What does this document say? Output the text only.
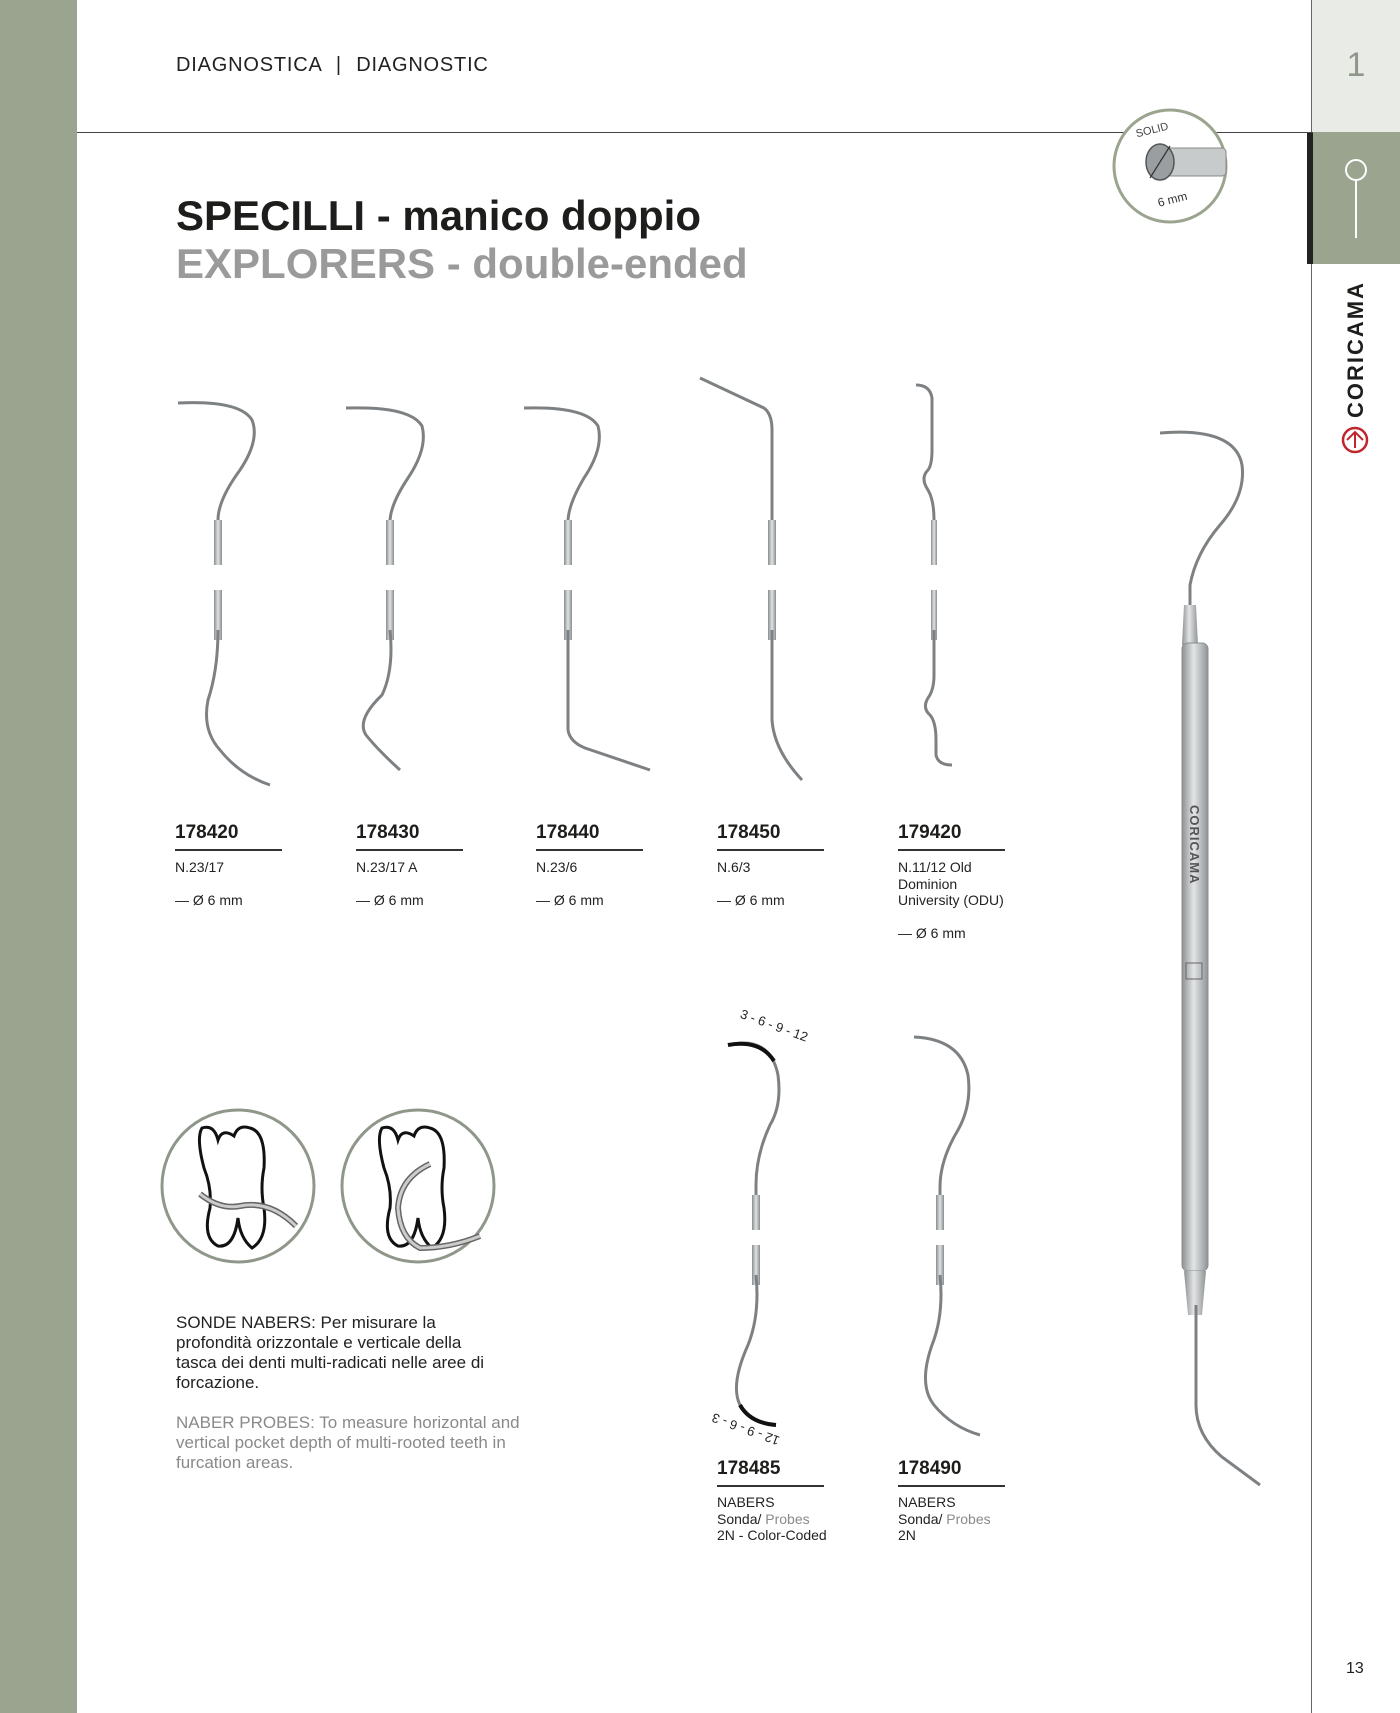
1
CORICAMA
13
DIAGNOSTICA | DIAGNOSTIC
SOLID
6 mm
SPECILLI - manico doppio
EXPLORERS - double-ended
178420
N.23/17
— Ø 6 mm
178430
N.23/17 A
— Ø 6 mm
178440
N.23/6
— Ø 6 mm
178450
N.6/3
— Ø 6 mm
179420
N.11/12 Old
Dominion
University (ODU)
— Ø 6 mm
CORICAMA
SONDE NABERS: Per misurare la profondità orizzontale e verticale della tasca dei denti multi-radicati nelle aree di forcazione.
NABER PROBES: To measure horizontal and vertical pocket depth of multi-rooted teeth in furcation areas.
3 - 6 - 9 - 12
12 - 9 - 6 - 3
178485
NABERS
Sonda/ Probes
2N - Color-Coded
178490
NABERS
Sonda/ Probes
2N
